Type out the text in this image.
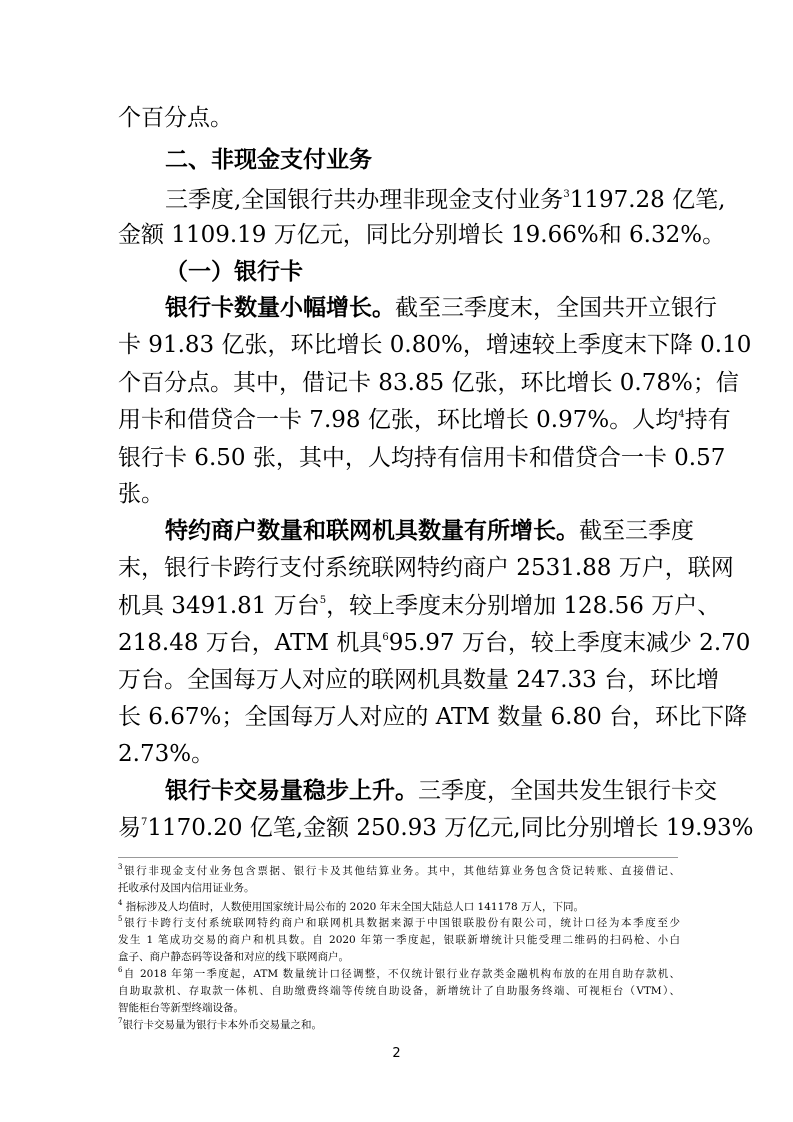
个百分点。
二、非现金支付业务
三季度,全国银行共办理非现金支付业务$^3$1197.28 亿笔,
金额 1109.19 万亿元，同比分别增长 19.66%和 6.32%。
（一）银行卡
银行卡数量小幅增长。截至三季度末，全国共开立银行
卡 91.83 亿张，环比增长 0.80%，增速较上季度末下降 0.10
个百分点。其中，借记卡 83.85 亿张，环比增长 0.78%；信
用卡和借贷合一卡 7.98 亿张，环比增长 0.97%。人均$^4$持有
银行卡 6.50 张，其中，人均持有信用卡和借贷合一卡 0.57
张。
特约商户数量和联网机具数量有所增长。截至三季度
末，银行卡跨行支付系统联网特约商户 2531.88 万户，联网
机具 3491.81 万台$^5$，较上季度末分别增加 128.56 万户、
218.48 万台，ATM 机具$^6$95.97 万台，较上季度末减少 2.70
万台。全国每万人对应的联网机具数量 247.33 台，环比增
长 6.67%；全国每万人对应的 ATM 数量 6.80 台，环比下降
2.73%。
银行卡交易量稳步上升。三季度，全国共发生银行卡交
易$^7$1170.20 亿笔,金额 250.93 万亿元,同比分别增长 19.93%
$^3$银行非现金支付业务包含票据、银行卡及其他结算业务。其中，其他结算业务包含贷记转账、直接借记、
托收承付及国内信用证业务。
$^4$ 指标涉及人均值时，人数使用国家统计局公布的 2020 年末全国大陆总人口 141178 万人，下同。
$^5$银行卡跨行支付系统联网特约商户和联网机具数据来源于中国银联股份有限公司，统计口径为本季度至少
发生 1 笔成功交易的商户和机具数。自 2020 年第一季度起，银联新增统计只能受理二维码的扫码枪、小白
盒子、商户静态码等设备和对应的线下联网商户。
$^6$自 2018 年第一季度起，ATM 数量统计口径调整，不仅统计银行业存款类金融机构布放的在用自助存款机、
自助取款机、存取款一体机、自助缴费终端等传统自助设备，新增统计了自助服务终端、可视柜台（VTM）、
智能柜台等新型终端设备。
$^7$银行卡交易量为银行卡本外币交易量之和。
2
